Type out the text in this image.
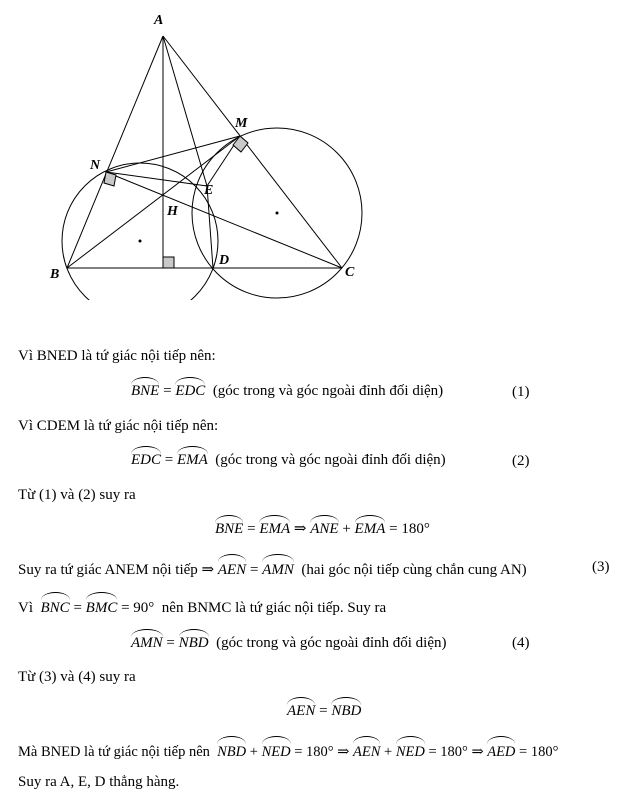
A
M
N
E
H
B
D
C
Vì BNED là tứ giác nội tiếp nên:
BNE = EDC (góc trong và góc ngoài đỉnh đối diện)	(1)
Vì CDEM là tứ giác nội tiếp nên:
EDC = EMA (góc trong và góc ngoài đỉnh đối diện)	(2)
Từ (1) và (2) suy ra
BNE = EMA ⇒ ANE + EMA = 180°
Suy ra tứ giác ANEM nội tiếp ⇒ AEN = AMN (hai góc nội tiếp cùng chắn cung AN)	(3)
Vì BNC = BMC = 90° nên BNMC là tứ giác nội tiếp. Suy ra
AMN = NBD (góc trong và góc ngoài đỉnh đối diện)	(4)
Từ (3) và (4) suy ra
AEN = NBD
Mà BNED là tứ giác nội tiếp nên NBD + NED = 180° ⇒ AEN + NED = 180° ⇒ AED = 180°
Suy ra A, E, D thẳng hàng.
